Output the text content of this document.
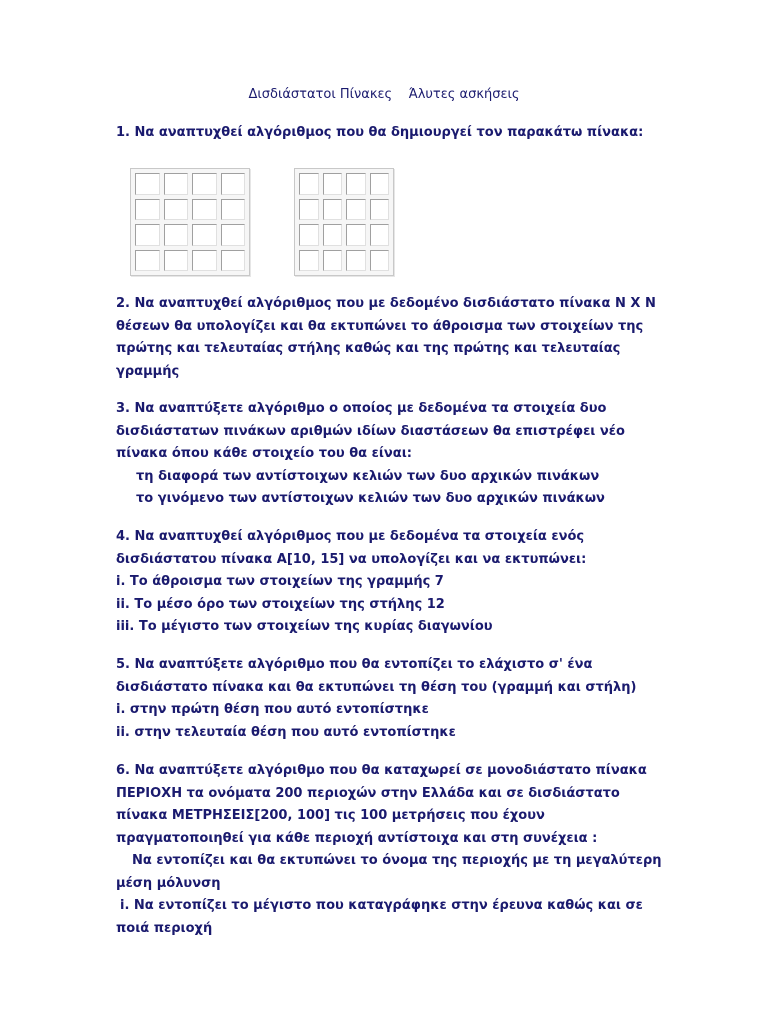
Δισδιάστατοι Πίνακες    Άλυτες ασκήσεις
1. Να αναπτυχθεί αλγόριθμος που θα δημιουργεί τον παρακάτω πίνακα:
2. Να αναπτυχθεί αλγόριθμος που με δεδομένο δισδιάστατο πίνακα N X N
θέσεων θα υπολογίζει και θα εκτυπώνει το άθροισμα των στοιχείων της
πρώτης και τελευταίας στήλης καθώς και της πρώτης και τελευταίας
γραμμής
3. Να αναπτύξετε αλγόριθμο ο οποίος με δεδομένα τα στοιχεία δυο
δισδιάστατων πινάκων αριθμών ιδίων διαστάσεων θα επιστρέφει νέο
πίνακα όπου κάθε στοιχείο του θα είναι:
τη διαφορά των αντίστοιχων κελιών των δυο αρχικών πινάκων
το γινόμενο των αντίστοιχων κελιών των δυο αρχικών πινάκων
4. Να αναπτυχθεί αλγόριθμος που με δεδομένα τα στοιχεία ενός
δισδιάστατου πίνακα Α[10, 15] να υπολογίζει και να εκτυπώνει:
i. Το άθροισμα των στοιχείων της γραμμής 7
ii. Το μέσο όρο των στοιχείων της στήλης 12
iii. Το μέγιστο των στοιχείων της κυρίας διαγωνίου
5. Να αναπτύξετε αλγόριθμο που θα εντοπίζει το ελάχιστο σ' ένα
δισδιάστατο πίνακα και θα εκτυπώνει τη θέση του (γραμμή και στήλη)
i. στην πρώτη θέση που αυτό εντοπίστηκε
ii. στην τελευταία θέση που αυτό εντοπίστηκε
6. Να αναπτύξετε αλγόριθμο που θα καταχωρεί σε μονοδιάστατο πίνακα
ΠΕΡΙΟΧΗ τα ονόματα 200 περιοχών στην Ελλάδα και σε δισδιάστατο
πίνακα ΜΕΤΡΗΣΕΙΣ[200, 100] τις 100 μετρήσεις που έχουν
πραγματοποιηθεί για κάθε περιοχή αντίστοιχα και στη συνέχεια :
Να εντοπίζει και θα εκτυπώνει το όνομα της περιοχής με τη μεγαλύτερη
μέση μόλυνση
i. Να εντοπίζει το μέγιστο που καταγράφηκε στην έρευνα καθώς και σε
ποιά περιοχή
